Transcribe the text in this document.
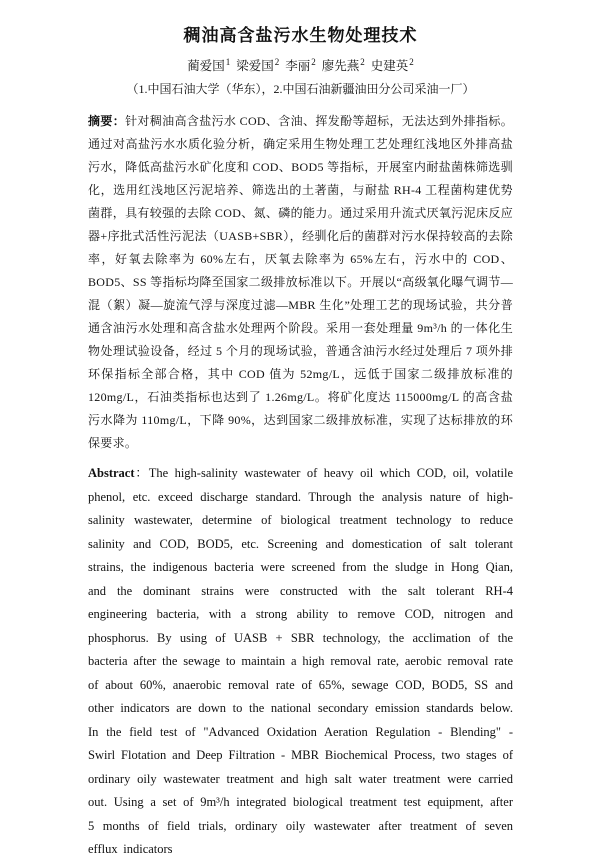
稠油高含盐污水生物处理技术
蔺爱国$^1$ 梁爱国$^2$ 李丽$^2$ 廖先燕$^2$ 史建英$^2$
（1.中国石油大学（华东），2.中国石油新疆油田分公司采油一厂）

摘要：针对稠油高含盐污水 COD、含油、挥发酚等超标，无法达到外排指标。通过对高盐污水水质化验分析，确定采用生物处理工艺处理红浅地区外排高盐污水，降低高盐污水矿化度和 COD、BOD5 等指标，开展室内耐盐菌株筛选驯化，选用红浅地区污泥培养、筛选出的土著菌，与耐盐 RH-4 工程菌构建优势菌群，具有较强的去除 COD、氮、磷的能力。通过采用升流式厌氧污泥床反应器+序批式活性污泥法（UASB+SBR），经驯化后的菌群对污水保持较高的去除率，好氧去除率为 60%左右，厌氧去除率为 65%左右，污水中的 COD、BOD5、SS 等指标均降至国家二级排放标准以下。开展以“高级氧化曝气调节—混（絮）凝—旋流气浮与深度过滤—MBR 生化”处理工艺的现场试验，共分普通含油污水处理和高含盐水处理两个阶段。采用一套处理量 9m³/h 的一体化生物处理试验设备，经过 5 个月的现场试验，普通含油污水经过处理后 7 项外排环保指标全部合格，其中 COD 值为 52mg/L，远低于国家二级排放标准的 120mg/L，石油类指标也达到了 1.26mg/L。将矿化度达 115000mg/L 的高含盐污水降为 110mg/L，下降 90%，达到国家二级排放标准，实现了达标排放的环保要求。

Abstract：The high-salinity wastewater of heavy oil which COD, oil, volatile phenol, etc. exceed discharge standard. Through the analysis nature of high-salinity wastewater, determine of biological treatment technology to reduce salinity and COD, BOD5, etc. Screening and domestication of salt tolerant strains, the indigenous bacteria were screened from the sludge in Hong Qian, and the dominant strains were constructed with the salt tolerant RH-4 engineering bacteria, with a strong ability to remove COD, nitrogen and phosphorus. By using of UASB + SBR technology, the acclimation of the bacteria after the sewage to maintain a high removal rate, aerobic removal rate of about 60%, anaerobic removal rate of 65%, sewage COD, BOD5, SS and other indicators are down to the national secondary emission standards below. In the field test of "Advanced Oxidation Aeration Regulation - Blending" - Swirl Flotation and Deep Filtration - MBR Biochemical Process, two stages of ordinary oily wastewater treatment and high salt water treatment were carried out. Using a set of 9m³/h integrated biological treatment test equipment, after 5 months of field trials, ordinary oily wastewater after treatment of seven efflux indicators
